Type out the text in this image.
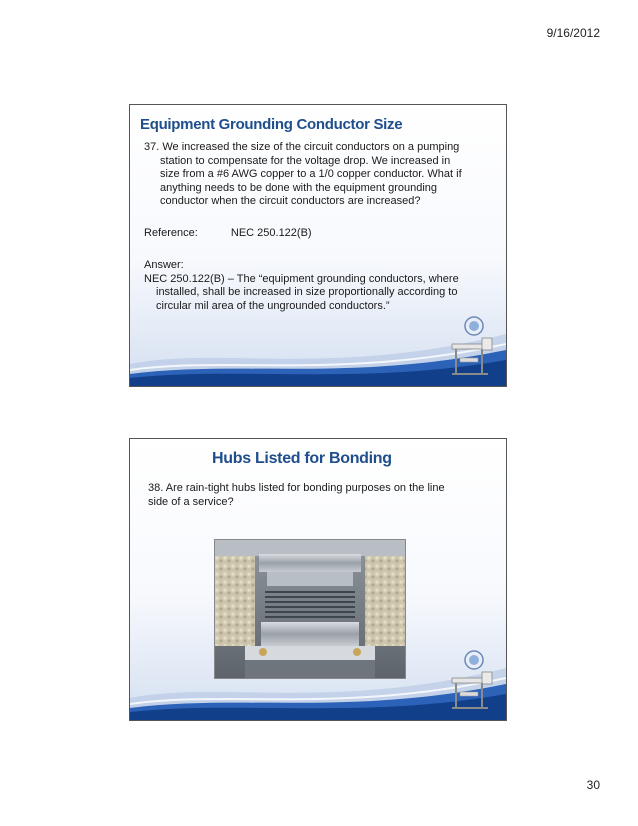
9/16/2012
Equipment Grounding Conductor Size
37. We increased the size of the circuit conductors on a pumping
station to compensate for the voltage drop. We increased in
size from a #6 AWG copper to a 1/0 copper conductor. What if
anything needs to be done with the equipment grounding
conductor when the circuit conductors are increased?
Reference:	NEC 250.122(B)
Answer:
NEC 250.122(B) – The “equipment grounding conductors, where
installed, shall be increased in size proportionally according to
circular mil area of the ungrounded conductors.”
Hubs Listed for Bonding
38. Are rain-tight hubs listed for bonding purposes on the line
side of a service?
30
